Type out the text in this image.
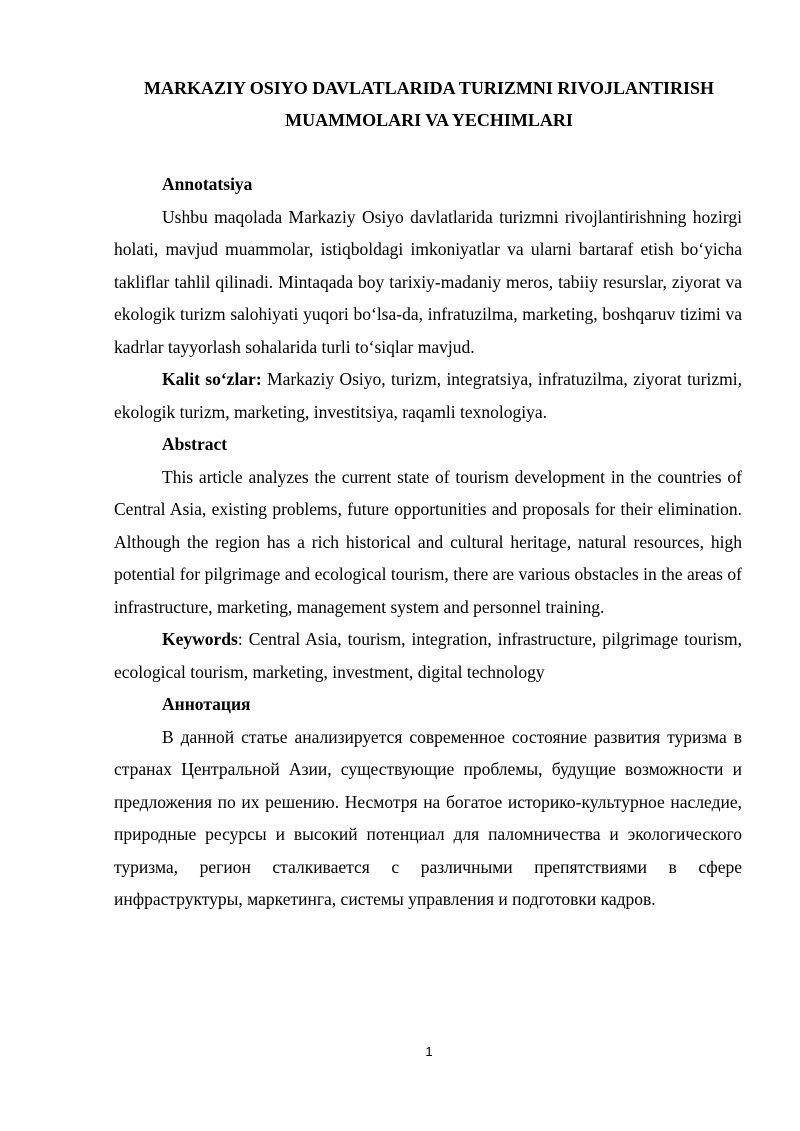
MARKAZIY OSIYO DAVLATLARIDA TURIZMNI RIVOJLANTIRISH MUAMMOLARI VA YECHIMLARI

Annotatsiya

Ushbu maqolada Markaziy Osiyo davlatlarida turizmni rivojlantirishning hozirgi holati, mavjud muammolar, istiqboldagi imkoniyatlar va ularni bartaraf etish bo‘yicha takliflar tahlil qilinadi. Mintaqada boy tarixiy-madaniy meros, tabiiy resurslar, ziyorat va ekologik turizm salohiyati yuqori bo‘lsa-da, infratuzilma, marketing, boshqaruv tizimi va kadrlar tayyorlash sohalarida turli to‘siqlar mavjud.

Kalit so‘zlar: Markaziy Osiyo, turizm, integratsiya, infratuzilma, ziyorat turizmi, ekologik turizm, marketing, investitsiya, raqamli texnologiya.

Abstract

This article analyzes the current state of tourism development in the countries of Central Asia, existing problems, future opportunities and proposals for their elimination. Although the region has a rich historical and cultural heritage, natural resources, high potential for pilgrimage and ecological tourism, there are various obstacles in the areas of infrastructure, marketing, management system and personnel training.

Keywords: Central Asia, tourism, integration, infrastructure, pilgrimage tourism, ecological tourism, marketing, investment, digital technology

Аннотация

В данной статье анализируется современное состояние развития туризма в странах Центральной Азии, существующие проблемы, будущие возможности и предложения по их решению. Несмотря на богатое историко-культурное наследие, природные ресурсы и высокий потенциал для паломничества и экологического туризма, регион сталкивается с различными препятствиями в сфере инфраструктуры, маркетинга, системы управления и подготовки кадров.

1
